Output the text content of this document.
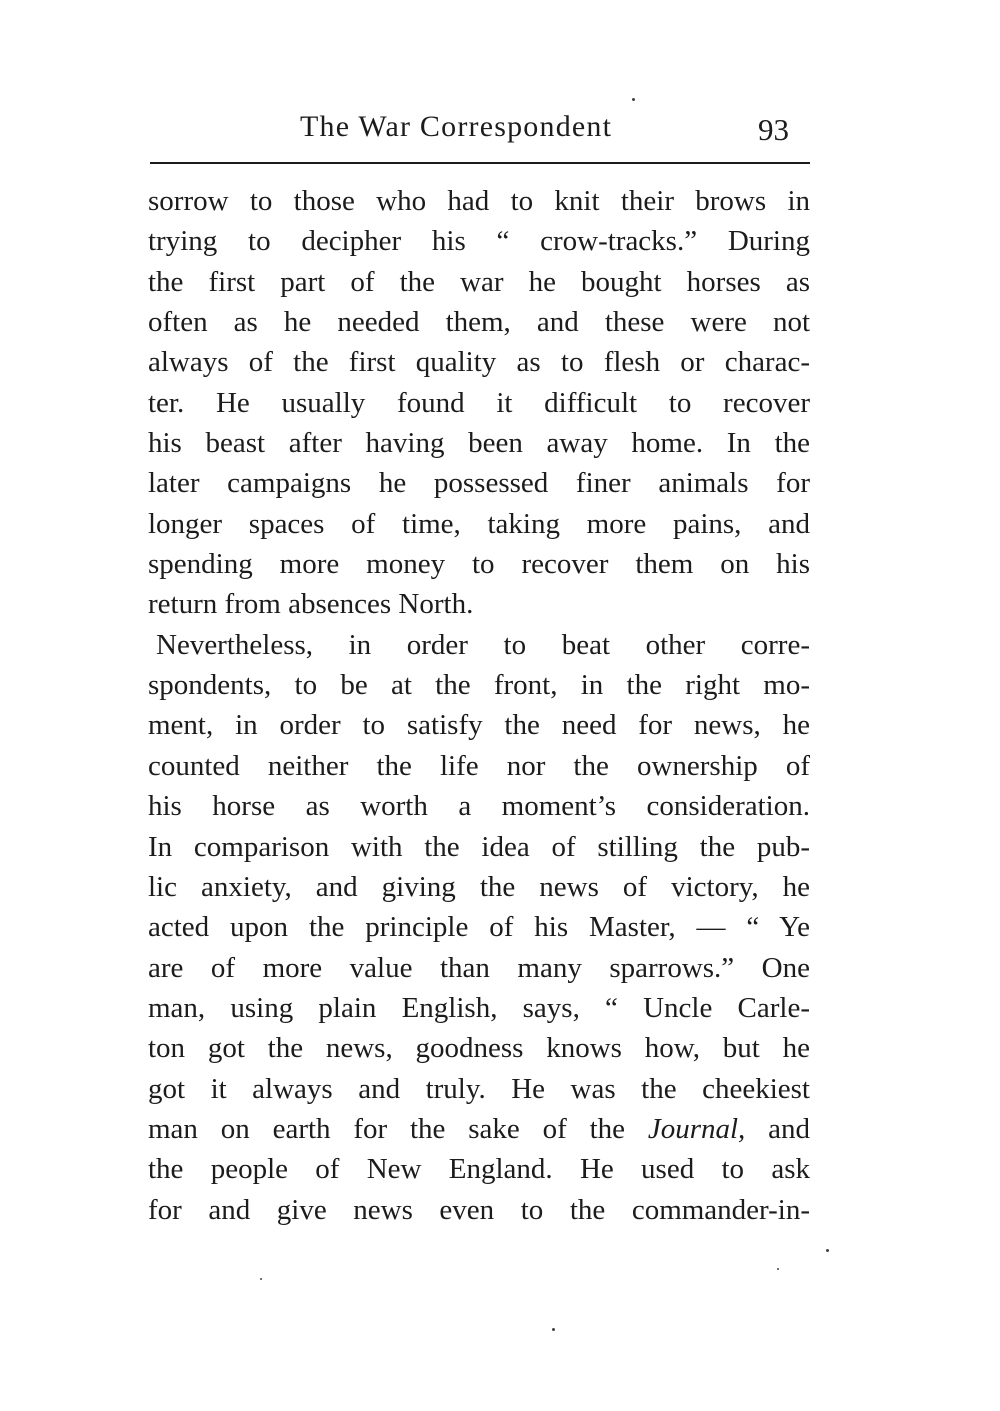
The War Correspondent	93
sorrow to those who had to knit their brows in
trying to decipher his “ crow-tracks.” During
the first part of the war he bought horses as
often as he needed them, and these were not
always of the first quality as to flesh or charac-
ter. He usually found it difficult to recover
his beast after having been away home. In the
later campaigns he possessed finer animals for
longer spaces of time, taking more pains, and
spending more money to recover them on his
return from absences North.
Nevertheless, in order to beat other corre-
spondents, to be at the front, in the right mo-
ment, in order to satisfy the need for news, he
counted neither the life nor the ownership of
his horse as worth a moment’s consideration.
In comparison with the idea of stilling the pub-
lic anxiety, and giving the news of victory, he
acted upon the principle of his Master, — “ Ye
are of more value than many sparrows.” One
man, using plain English, says, “ Uncle Carle-
ton got the news, goodness knows how, but he
got it always and truly. He was the cheekiest
man on earth for the sake of the Journal, and
the people of New England. He used to ask
for and give news even to the commander-in-
